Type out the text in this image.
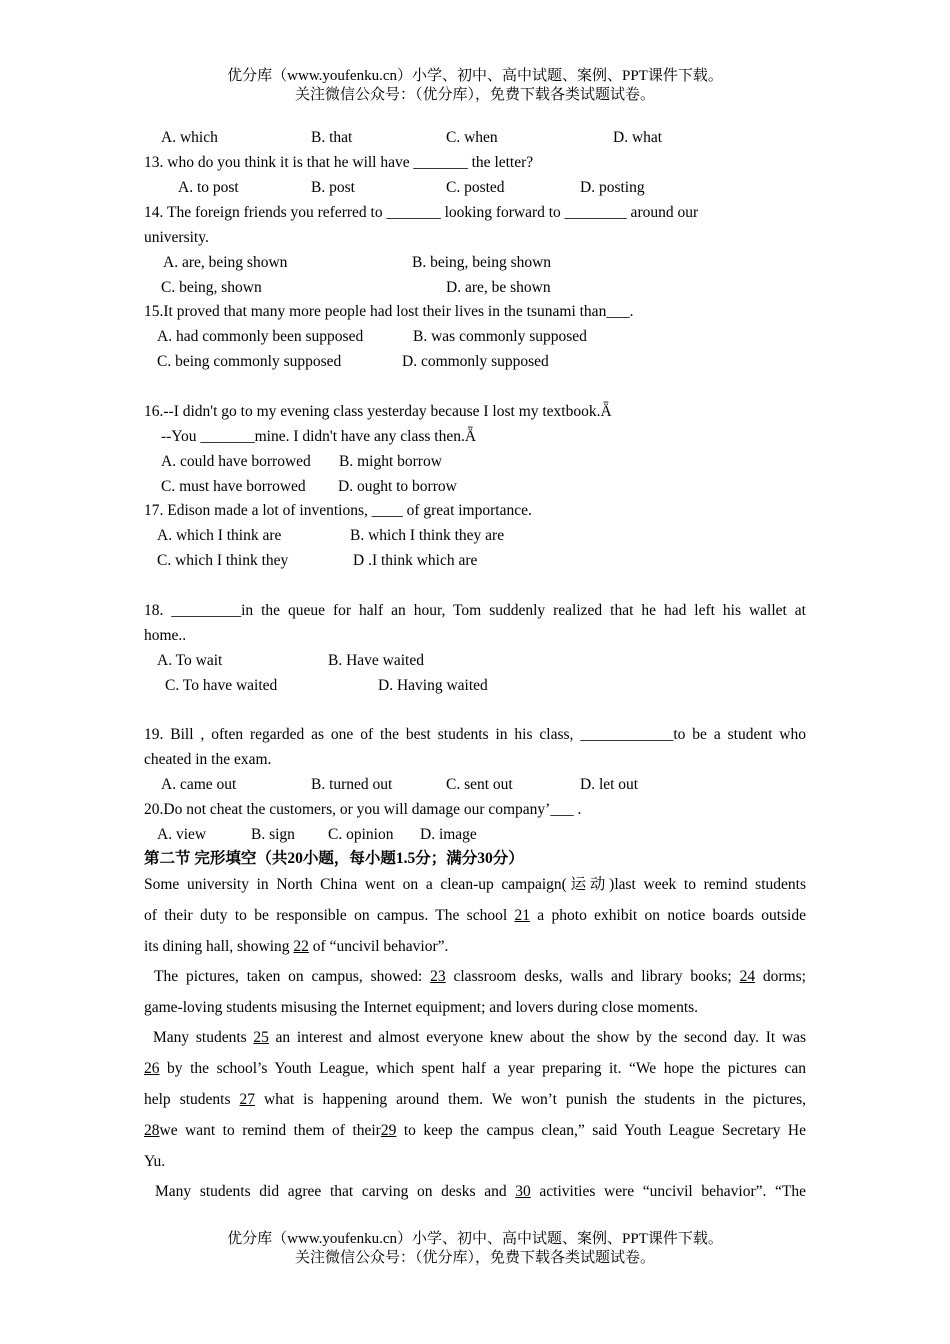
优分库（www.youfenku.cn）小学、初中、高中试题、案例、PPT课件下载。
关注微信公众号：（优分库），免费下载各类试题试卷。
A. which	B. that	C. when	D. what
13. who do you think it is that he will have _______ the letter?
A. to post	B. post	C. posted	D. posting
14. The foreign friends you referred to _______ looking forward to ________ around our
university.
A. are, being shown	B. being, being shown
C. being, shown	D. are, be shown
15.It proved that many more people had lost their lives in the tsunami than___.
A. had commonly been supposed	B. was commonly supposed
C. being commonly supposed	D. commonly supposed
16.--I didn't go to my evening class yesterday because I lost my textbook.Ǟ
--You _______mine. I didn't have any class then.Ǟ
A. could have borrowed B. might borrow
C. must have borrowed D. ought to borrow
17. Edison made a lot of inventions, ____ of great importance.
A. which I think are	B. which I think they are
C. which I think they	D .I think which are
18. _________in the queue for half an hour, Tom suddenly realized that he had left his wallet at
home..
A. To wait	B. Have waited
C. To have waited	D. Having waited
19. Bill , often regarded as one of the best students in his class, ____________to be a student who
cheated in the exam.
A. came out	B. turned out	C. sent out	D. let out
20.Do not cheat the customers, or you will damage our company’___ .
A. view	B. sign C. opinion D. image
第二节 完形填空（共20小题，每小题1.5分；满分30分）
Some university in North China went on a clean-up campaign(运动)last week to remind students
of their duty to be responsible on campus. The school 21 a photo exhibit on notice boards outside
its dining hall, showing 22 of “uncivil behavior”.
The pictures, taken on campus, showed: 23 classroom desks, walls and library books; 24 dorms;
game-loving students misusing the Internet equipment; and lovers during close moments.
Many students 25 an interest and almost everyone knew about the show by the second day. It was
26 by the school’s Youth League, which spent half a year preparing it. “We hope the pictures can
help students 27 what is happening around them. We won’t punish the students in the pictures,
28we want to remind them of their29 to keep the campus clean,” said Youth League Secretary He
Yu.
Many students did agree that carving on desks and 30 activities were “uncivil behavior”. “The
优分库（www.youfenku.cn）小学、初中、高中试题、案例、PPT课件下载。
关注微信公众号：（优分库），免费下载各类试题试卷。
